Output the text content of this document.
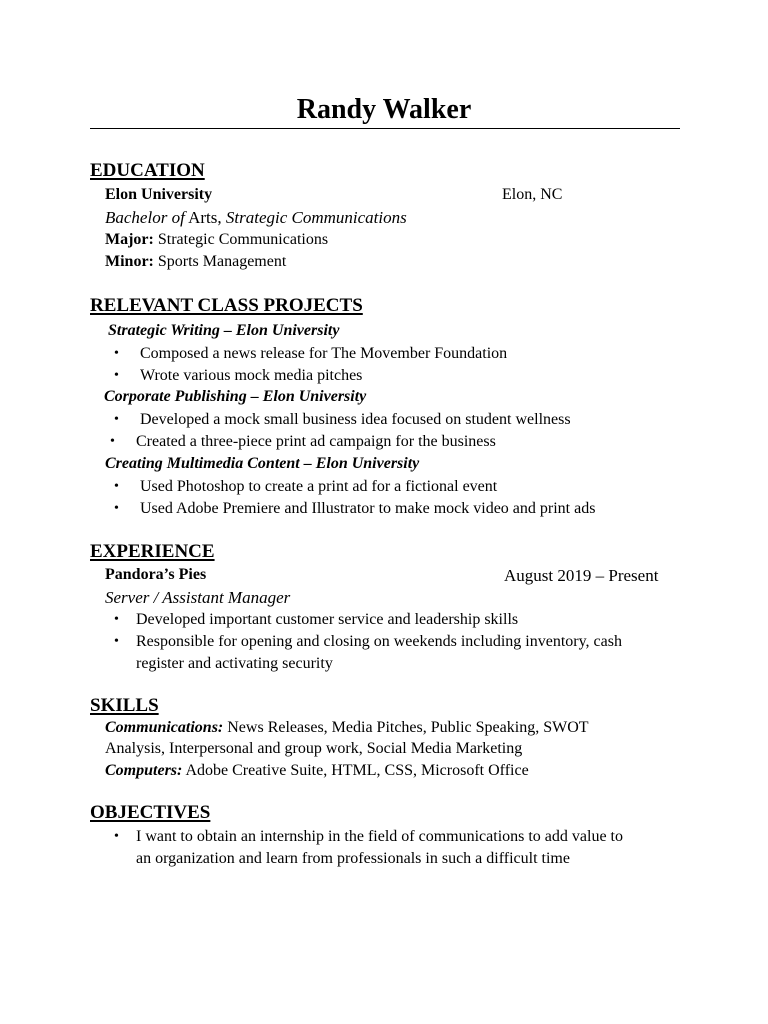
Randy Walker
EDUCATION
Elon University	Elon, NC
Bachelor of Arts, Strategic Communications
Major: Strategic Communications
Minor: Sports Management
RELEVANT CLASS PROJECTS
Strategic Writing – Elon University
• Composed a news release for The Movember Foundation
• Wrote various mock media pitches
Corporate Publishing – Elon University
• Developed a mock small business idea focused on student wellness
• Created a three-piece print ad campaign for the business
Creating Multimedia Content – Elon University
• Used Photoshop to create a print ad for a fictional event
• Used Adobe Premiere and Illustrator to make mock video and print ads
EXPERIENCE
Pandora’s Pies	August 2019 – Present
Server / Assistant Manager
• Developed important customer service and leadership skills
• Responsible for opening and closing on weekends including inventory, cash
register and activating security
SKILLS
Communications: News Releases, Media Pitches, Public Speaking, SWOT
Analysis, Interpersonal and group work, Social Media Marketing
Computers: Adobe Creative Suite, HTML, CSS, Microsoft Office
OBJECTIVES
• I want to obtain an internship in the field of communications to add value to
an organization and learn from professionals in such a difficult time
